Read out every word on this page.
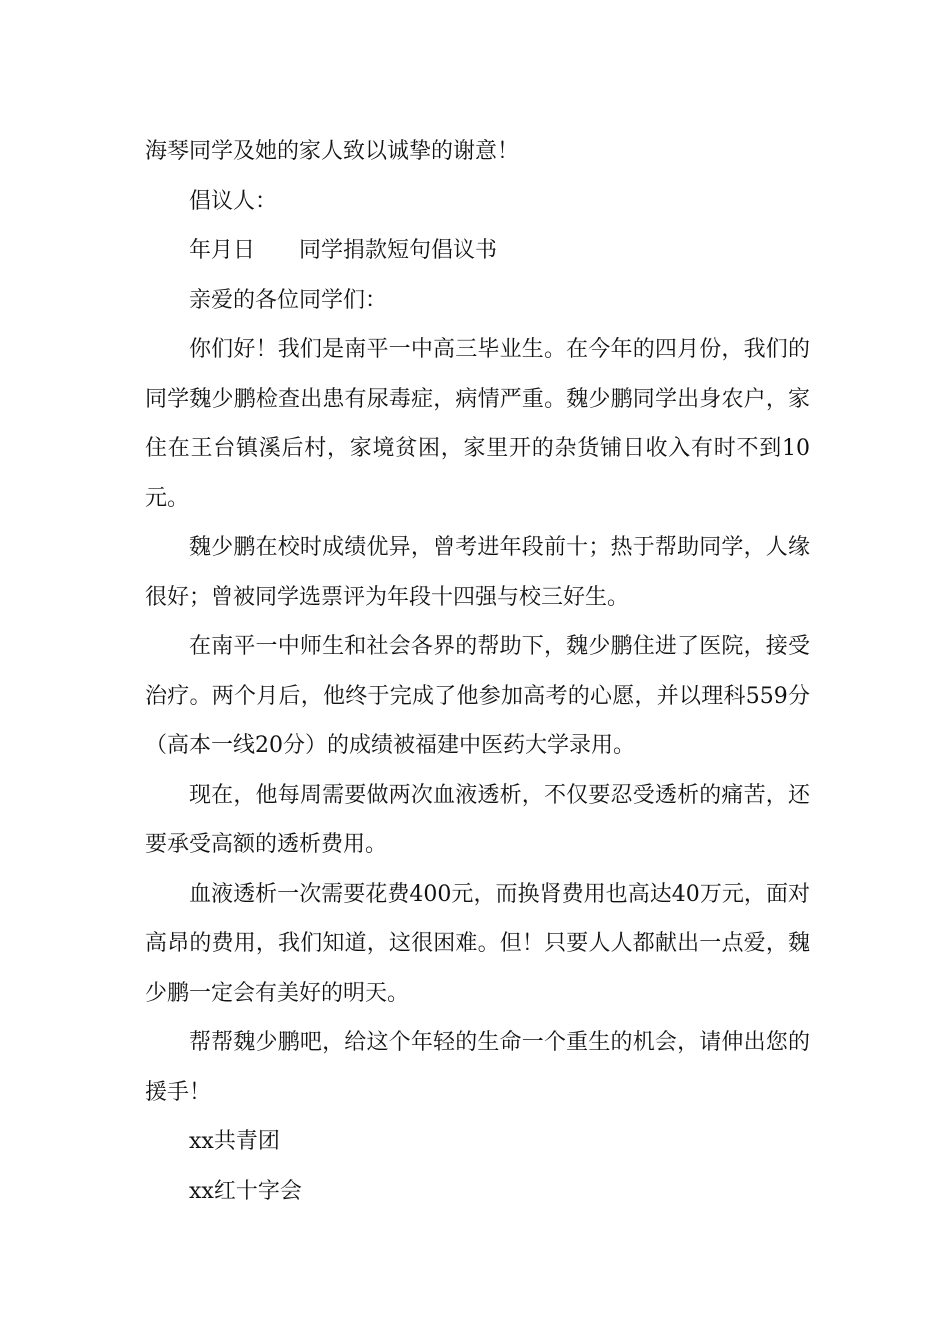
海琴同学及她的家人致以诚挚的谢意！

倡议人：

年月日 同学捐款短句倡议书

亲爱的各位同学们：

你们好！我们是南平一中高三毕业生。在今年的四月份，我们的同学魏少鹏检查出患有尿毒症，病情严重。魏少鹏同学出身农户，家住在王台镇溪后村，家境贫困，家里开的杂货铺日收入有时不到10元。

魏少鹏在校时成绩优异，曾考进年段前十；热于帮助同学，人缘很好；曾被同学选票评为年段十四强与校三好生。

在南平一中师生和社会各界的帮助下，魏少鹏住进了医院，接受治疗。两个月后，他终于完成了他参加高考的心愿，并以理科559分（高本一线20分）的成绩被福建中医药大学录用。

现在，他每周需要做两次血液透析，不仅要忍受透析的痛苦，还要承受高额的透析费用。

血液透析一次需要花费400元，而换肾费用也高达40万元，面对高昂的费用，我们知道，这很困难。但！只要人人都献出一点爱，魏少鹏一定会有美好的明天。

帮帮魏少鹏吧，给这个年轻的生命一个重生的机会，请伸出您的援手！

xx共青团

xx红十字会
